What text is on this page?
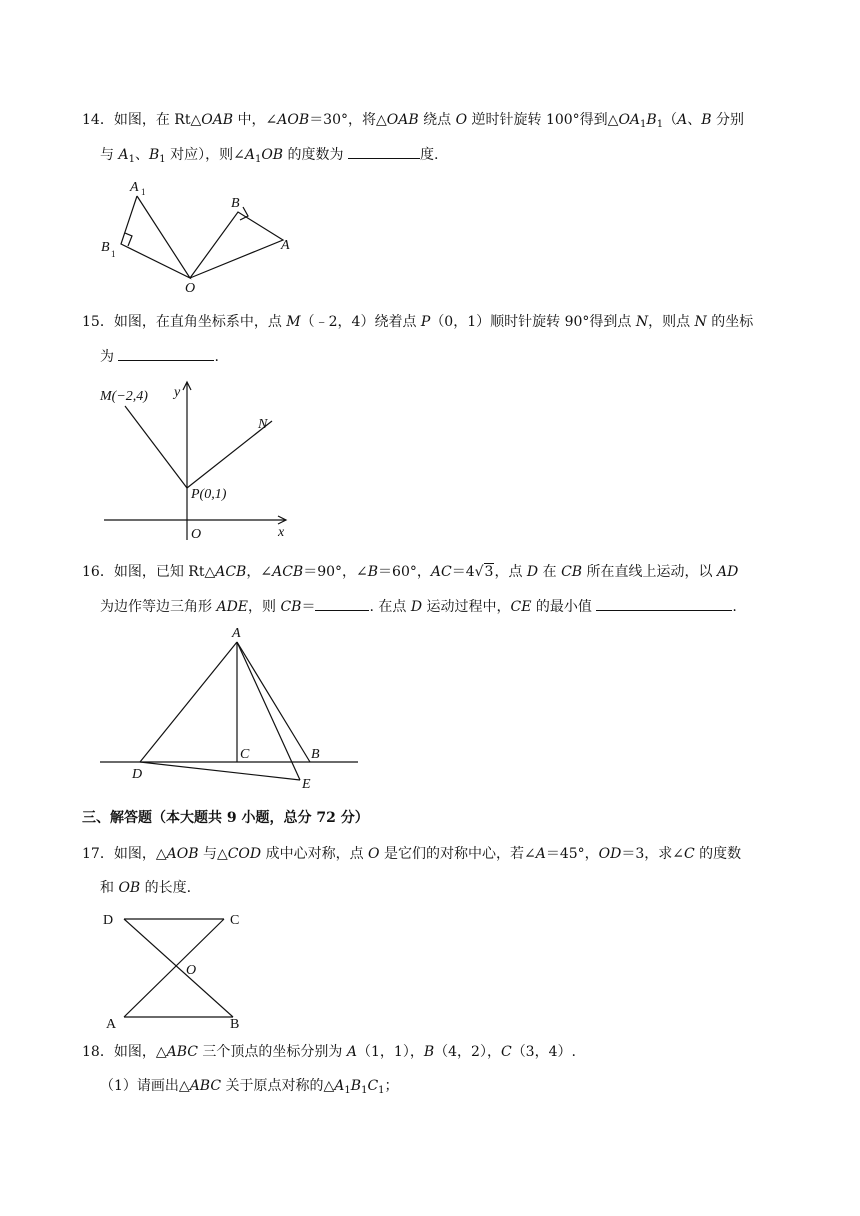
14．如图，在 Rt△OAB 中，∠AOB＝30°，将△OAB 绕点 O 逆时针旋转 100°得到$\triangle OA_1B_1(A$、B 分别
与 $A_1$、$B_1$ 对应），则$\angle A_1OB$ 的度数为	度.
A 1
B 1
B
A
O
15．如图，在直角坐标系中，点 M（﹣2，4）绕着点 P（0，1）顺时针旋转 90°得到点 N，则点 N 的坐标
为	.
M(−2,4) y
N
P(0,1)
O	x
16．如图，已知 Rt△ACB，∠ACB＝90°，∠B＝60°，AC＝4√3，点 D 在 CB 所在直线上运动，以 AD
为边作等边三角形 ADE，则 CB＝	. 在点 D 运动过程中，CE 的最小值	.
A
C	B
D
E
三、解答题（本大题共 9 小题，总分 72 分）
17．如图，△AOB 与△COD 成中心对称，点 O 是它们的对称中心，若∠A＝45°，OD＝3，求∠C 的度数
和 OB 的长度.
D	C
O
A	B
18．如图，△ABC 三个顶点的坐标分别为 A（1，1），B（4，2），C（3，4）.
（1）请画出△ABC 关于原点对称的$\triangle A_1B_1C_1$；
